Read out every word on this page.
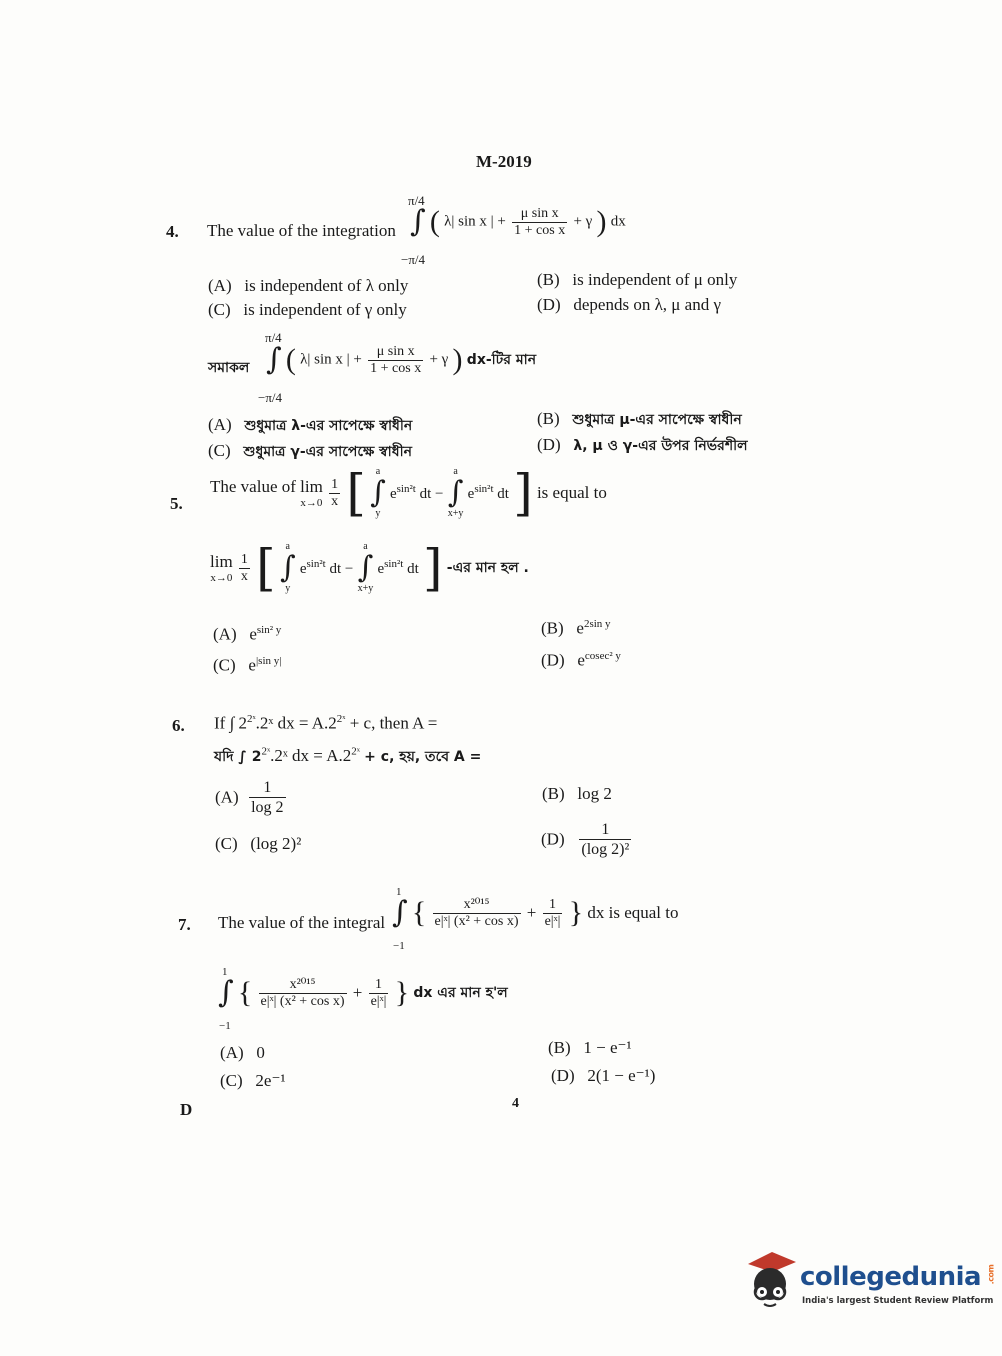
M-2019
4. The value of the integration
π/4
−π/4
∫ ( λ| sin x | + $\frac{\text{μ sin x}}{\text{1 + cos x}} + \gamma$ ) dx
(A) is independent of λ only	(B) is independent of μ only
(C) is independent of γ only	(D) depends on λ, μ and γ
π/4
−π/4
সমাকল ∫ ( λ| sin x | + $\frac{\text{μ sin x}}{\text{1 + cos x}} + \gamma$ ) dx-টির মান
(A) শুধুমাত্র λ-এর সাপেক্ষে স্বাধীন	(B) শুধুমাত্র μ-এর সাপেক্ষে স্বাধীন
(C) শুধুমাত্র γ-এর সাপেক্ষে স্বাধীন	(D) λ, μ ও γ-এর উপর নির্ভরশীল
5.
The value of lim
x→0
$\frac{1}{x}$ [ a
∫
y
$e^{sin^2t}$ dt −
a
∫
x+y
$e^{sin^2t}$ dt ] is equal to
lim
x→0
$\frac{1}{x}$ [ a
∫
y
$e^{sin^2t}$ dt −
a
∫
x+y
$e^{sin^2t}$ dt ] -এর মান হল .
(A) $e^{sin^2 y}$	(B) $e^{2sin y}$
(C) $e^{|sin y|}$	(D) $e^{cosec^2 y}$
6. If ∫ $2^{2ˣ}.2ˣ$ dx = $A.2^{2ˣ} + c$, then A =
যদি ∫ $2^{2ˣ}.2ˣ$ dx = $A.2^{2ˣ} + c$, হয়, তবে A =
$(A) \frac{1}{\log 2}$	(B) log 2
(C) (log 2)²	$(D) \frac{1}{\text{(log 2)²}}$
7. The value of the integral
1
−1
∫ { $\frac{\text{x²⁰¹⁵}}{\text{e|ˣ| (x² + cos x)}} + \frac{1}{\text{e|ˣ|}}$ } dx is equal to
1
−1
∫ { $\frac{\text{x²⁰¹⁵}}{\text{e|ˣ| (x² + cos x)}} + \frac{1}{\text{e|ˣ|}}$ } dx এর মান হ'ল
(A) 0	(B) 1 − e⁻¹
(C) 2e⁻¹	(D) 2(1 − e⁻¹)
D	4
collegedunia .com
India's largest Student Review Platform
